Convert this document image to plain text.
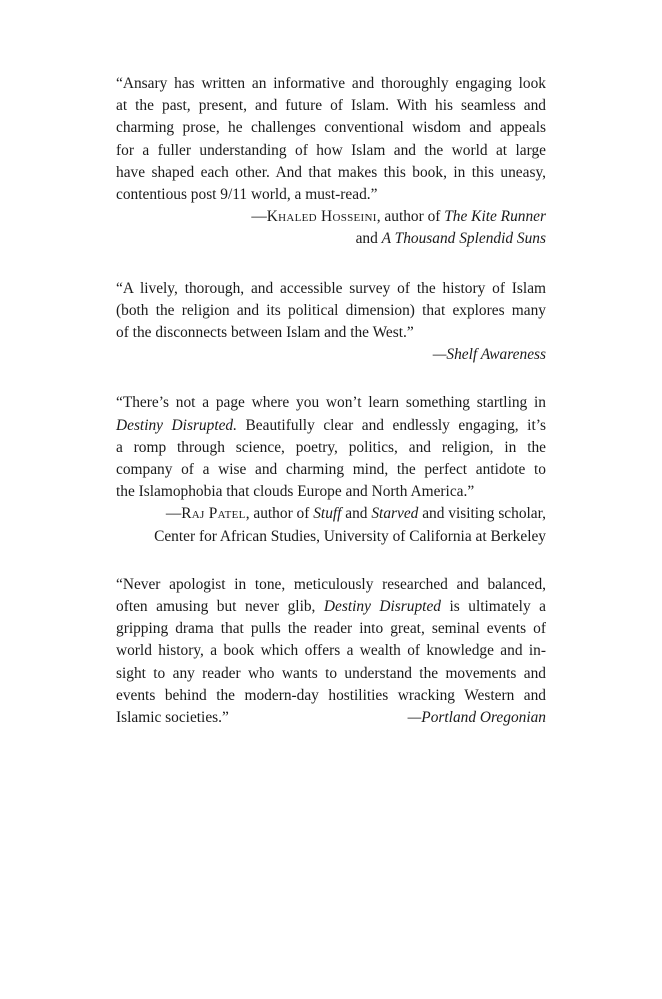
“Ansary has written an informative and thoroughly engaging look
at the past, present, and future of Islam. With his seamless and
charming prose, he challenges conventional wisdom and appeals
for a fuller understanding of how Islam and the world at large
have shaped each other. And that makes this book, in this uneasy,
contentious post 9/11 world, a must-read.”

—Khaled Hosseini, author of The Kite Runner
and A Thousand Splendid Suns

“A lively, thorough, and accessible survey of the history of Islam
(both the religion and its political dimension) that explores many
of the disconnects between Islam and the West.”

—Shelf Awareness

“There’s not a page where you won’t learn something startling in
Destiny Disrupted. Beautifully clear and endlessly engaging, it’s
a romp through science, poetry, politics, and religion, in the
company of a wise and charming mind, the perfect antidote to
the Islamophobia that clouds Europe and North America.”

—Raj Patel, author of Stuff and Starved and visiting scholar,
Center for African Studies, University of California at Berkeley

“Never apologist in tone, meticulously researched and balanced,
often amusing but never glib, Destiny Disrupted is ultimately a
gripping drama that pulls the reader into great, seminal events of
world history, a book which offers a wealth of knowledge and in-
sight to any reader who wants to understand the movements and
events behind the modern-day hostilities wracking Western and
Islamic societies.”	—Portland Oregonian
